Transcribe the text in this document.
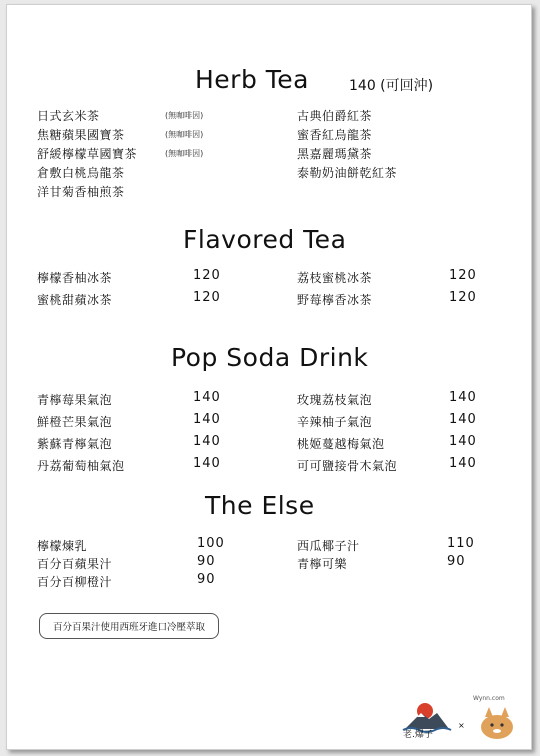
Herb Tea	140 (可回沖)
日式玄米茶	(無咖啡因)
焦糖蘋果國寶茶	(無咖啡因)
舒緩檸檬草國寶茶	(無咖啡因)
倉敷白桃烏龍茶
洋甘菊香柚煎茶
古典伯爵紅茶
蜜香紅烏龍茶
黑嘉麗瑪黛茶
泰勒奶油餅乾紅茶
Flavored Tea
檸檬香柚冰茶	120
蜜桃甜蘋冰茶	120
荔枝蜜桃冰茶	120
野莓檸香冰茶	120
Pop Soda Drink
青檸莓果氣泡	140
鮮橙芒果氣泡	140
紫蘇青檸氣泡	140
丹荔葡萄柚氣泡	140
玫瑰荔枝氣泡	140
辛辣柚子氣泡	140
桃姬蔓越梅氣泡	140
可可鹽接骨木氣泡	140
The Else
檸檬煉乳	100
百分百蘋果汁	90
百分百柳橙汁	90
西瓜椰子汁	110
青檸可樂	90
百分百果汁使用西班牙進口冷壓萃取
老.爆子
×
Wynn.com
